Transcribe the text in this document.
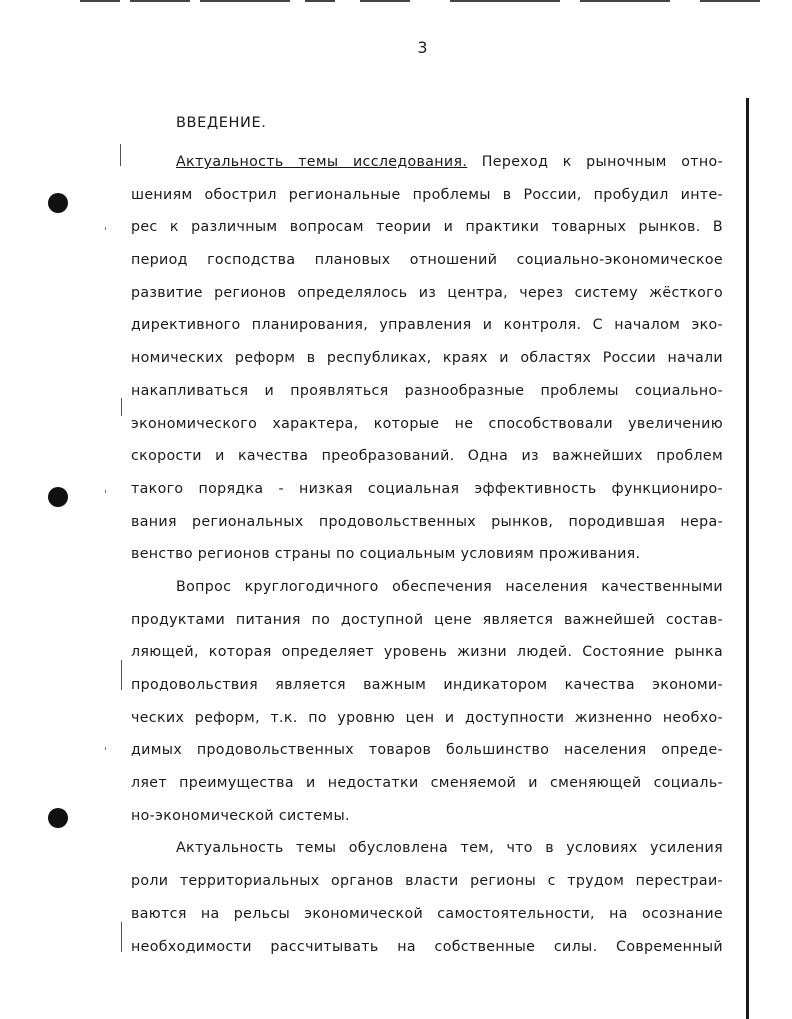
'
'
'
3
ВВЕДЕНИЕ.
Актуальность темы исследования. Переход к рыночным отно-
шениям обострил региональные проблемы в России, пробудил инте-
рес к различным вопросам теории и практики товарных рынков. В
период господства плановых отношений социально-экономическое
развитие регионов определялось из центра, через систему жёсткого
директивного планирования, управления и контроля. С началом эко-
номических реформ в республиках, краях и областях России начали
накапливаться и проявляться разнообразные проблемы социально-
экономического характера, которые не способствовали увеличению
скорости и качества преобразований. Одна из важнейших проблем
такого порядка - низкая социальная эффективность функциониро-
вания региональных продовольственных рынков, породившая нера-
венство регионов страны по социальным условиям проживания.
Вопрос круглогодичного обеспечения населения качественными
продуктами питания по доступной цене является важнейшей состав-
ляющей, которая определяет уровень жизни людей. Состояние рынка
продовольствия является важным индикатором качества экономи-
ческих реформ, т.к. по уровню цен и доступности жизненно необхо-
димых продовольственных товаров большинство населения опреде-
ляет преимущества и недостатки сменяемой и сменяющей социаль-
но-экономической системы.
Актуальность темы обусловлена тем, что в условиях усиления
роли территориальных органов власти регионы с трудом перестраи-
ваются на рельсы экономической самостоятельности, на осознание
необходимости рассчитывать на собственные силы. Современный
